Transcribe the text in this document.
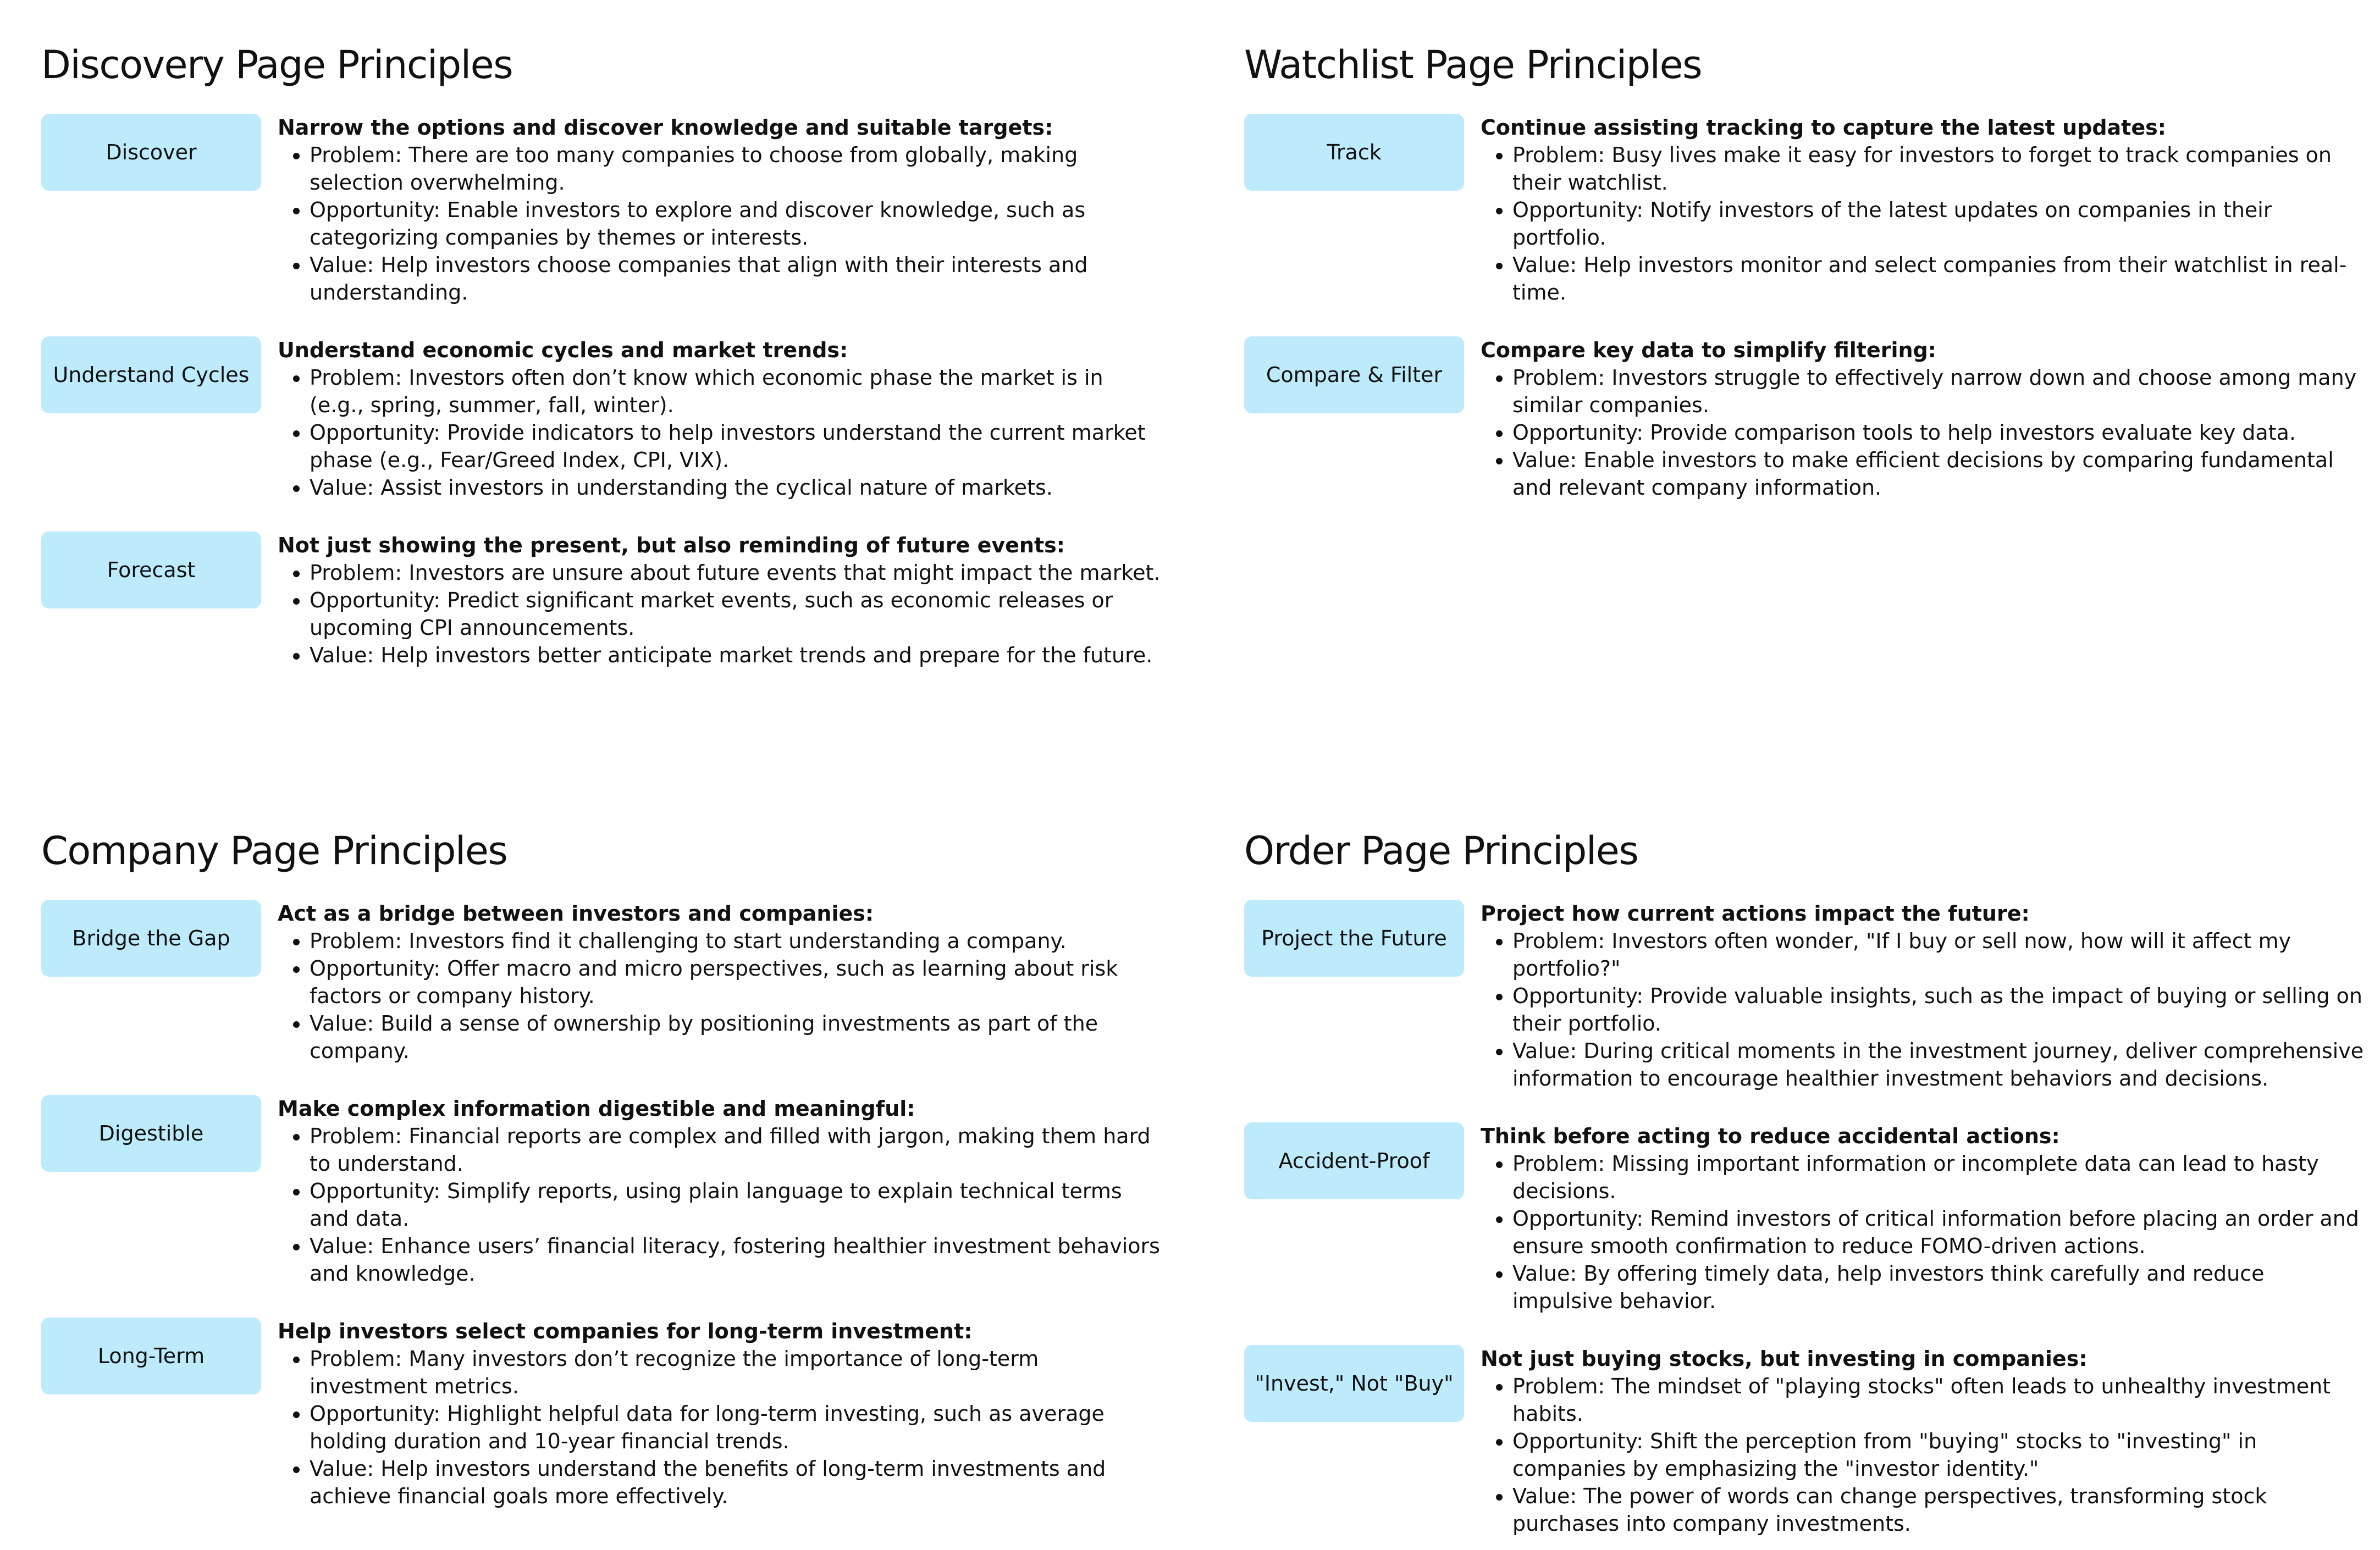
Discovery Page Principles
Discover
Narrow the options and discover knowledge and suitable targets:
• Problem: There are too many companies to choose from globally, making selection overwhelming.
• Opportunity: Enable investors to explore and discover knowledge, such as categorizing companies by themes or interests.
• Value: Help investors choose companies that align with their interests and understanding.
Understand Cycles
Understand economic cycles and market trends:
• Problem: Investors often don’t know which economic phase the market is in (e.g., spring, summer, fall, winter).
• Opportunity: Provide indicators to help investors understand the current market phase (e.g., Fear/Greed Index, CPI, VIX).
• Value: Assist investors in understanding the cyclical nature of markets.
Forecast
Not just showing the present, but also reminding of future events:
• Problem: Investors are unsure about future events that might impact the market.
• Opportunity: Predict significant market events, such as economic releases or upcoming CPI announcements.
• Value: Help investors better anticipate market trends and prepare for the future.
Watchlist Page Principles
Track
Continue assisting tracking to capture the latest updates:
• Problem: Busy lives make it easy for investors to forget to track companies on their watchlist.
• Opportunity: Notify investors of the latest updates on companies in their portfolio.
• Value: Help investors monitor and select companies from their watchlist in real-time.
Compare & Filter
Compare key data to simplify filtering:
• Problem: Investors struggle to effectively narrow down and choose among many similar companies.
• Opportunity: Provide comparison tools to help investors evaluate key data.
• Value: Enable investors to make efficient decisions by comparing fundamental and relevant company information.
Company Page Principles
Bridge the Gap
Act as a bridge between investors and companies:
• Problem: Investors find it challenging to start understanding a company.
• Opportunity: Offer macro and micro perspectives, such as learning about risk factors or company history.
• Value: Build a sense of ownership by positioning investments as part of the company.
Digestible
Make complex information digestible and meaningful:
• Problem: Financial reports are complex and filled with jargon, making them hard to understand.
• Opportunity: Simplify reports, using plain language to explain technical terms and data.
• Value: Enhance users’ financial literacy, fostering healthier investment behaviors and knowledge.
Long-Term
Help investors select companies for long-term investment:
• Problem: Many investors don’t recognize the importance of long-term investment metrics.
• Opportunity: Highlight helpful data for long-term investing, such as average holding duration and 10-year financial trends.
• Value: Help investors understand the benefits of long-term investments and achieve financial goals more effectively.
Order Page Principles
Project the Future
Project how current actions impact the future:
• Problem: Investors often wonder, "If I buy or sell now, how will it affect my portfolio?"
• Opportunity: Provide valuable insights, such as the impact of buying or selling on their portfolio.
• Value: During critical moments in the investment journey, deliver comprehensive information to encourage healthier investment behaviors and decisions.
Accident-Proof
Think before acting to reduce accidental actions:
• Problem: Missing important information or incomplete data can lead to hasty decisions.
• Opportunity: Remind investors of critical information before placing an order and ensure smooth confirmation to reduce FOMO-driven actions.
• Value: By offering timely data, help investors think carefully and reduce impulsive behavior.
"Invest," Not "Buy"
Not just buying stocks, but investing in companies:
• Problem: The mindset of "playing stocks" often leads to unhealthy investment habits.
• Opportunity: Shift the perception from "buying" stocks to "investing" in companies by emphasizing the "investor identity."
• Value: The power of words can change perspectives, transforming stock purchases into company investments.
